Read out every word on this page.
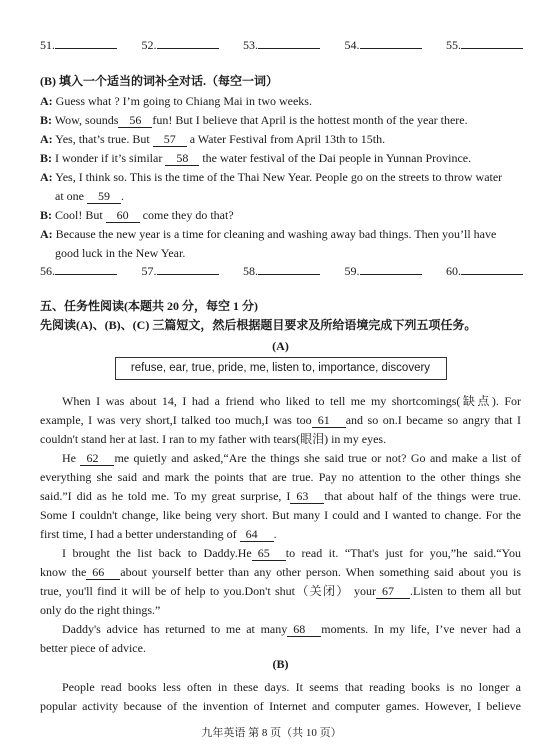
51.	52.	53.	54.	55.
(B) 填入一个适当的词补全对话.（每空一词）
A: Guess what ? I’m going to Chiang Mai in two weeks.
B: Wow, sounds 56 fun! But I believe that April is the hottest month of the year there.
A: Yes, that’s true. But 57 a Water Festival from April 13th to 15th.
B: I wonder if it’s similar 58 the water festival of the Dai people in Yunnan Province.
A: Yes, I think so. This is the time of the Thai New Year. People go on the streets to throw water
at one 59 .
B: Cool! But 60 come they do that?
A: Because the new year is a time for cleaning and washing away bad things. Then you’ll have
good luck in the New Year.
56.	57.	58.	59.	60.
五、任务性阅读(本题共 20 分，每空 1 分)
先阅读(A)、(B)、(C) 三篇短文，然后根据题目要求及所给语境完成下列五项任务。
(A)
refuse, ear, true, pride, me, listen to, importance, discovery
When I was about 14, I had a friend who liked to tell me my shortcomings(缺点). For
example, I was very short,I talked too much,I was too 61 and so on.I became so angry that I
couldn't stand her at last. I ran to my father with tears(眼泪) in my eyes.
He 62 me quietly and asked,“Are the things she said true or not? Go and make a list of
everything she said and mark the points that are true. Pay no attention to the other things she
said.”I did as he told me. To my great surprise, I 63 that about half of the things were true.
Some I couldn't change, like being very short. But many I could and I wanted to change. For the
first time, I had a better understanding of 64 .
I brought the list back to Daddy.He 65 to read it. “That's just for you,”he said.“You
know the 66 about yourself better than any other person. When something said about you is
true, you'll find it will be of help to you.Don't shut（关闭） your 67 .Listen to them all but
only do the right things.”
Daddy's advice has returned to me at many 68 moments. In my life, I’ve never had a
better piece of advice.
(B)
People read books less often in these days. It seems that reading books is no longer a
popular activity because of the invention of Internet and computer games. However, I believe
九年英语 第 8 页（共 10 页）
